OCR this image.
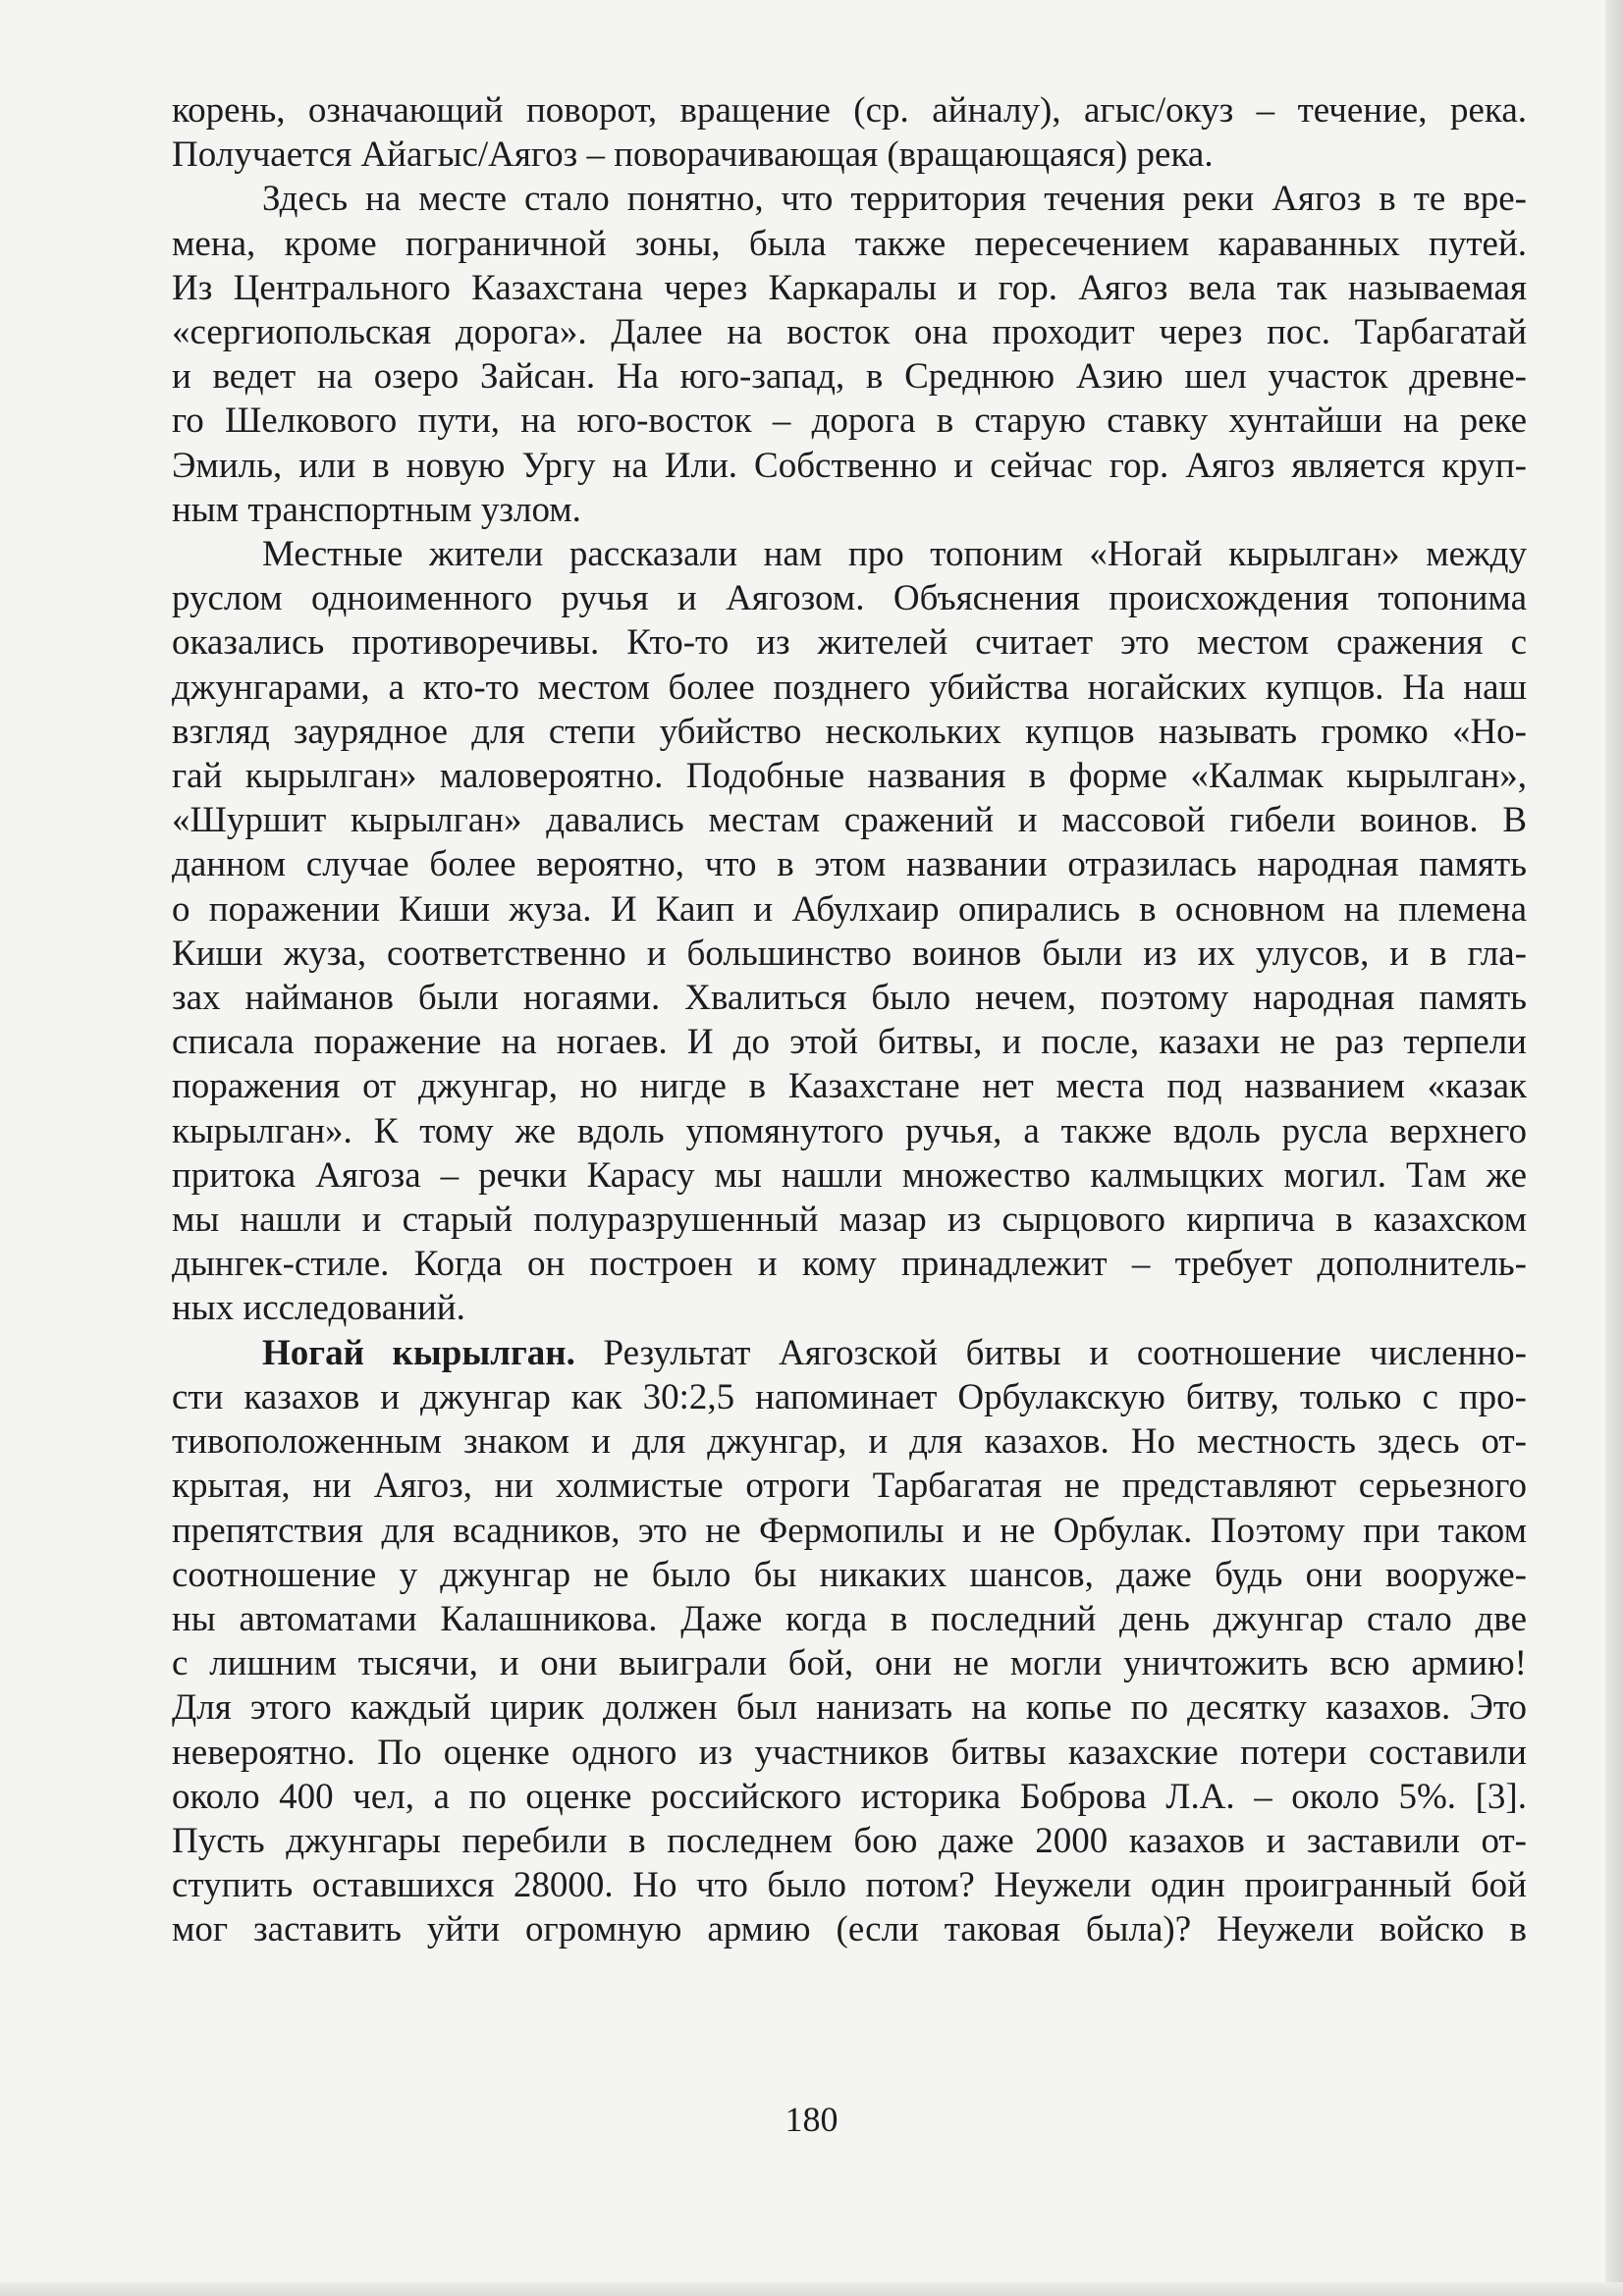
корень, означающий поворот, вращение (ср. айналу), агыс/окуз – течение, река.
Получается Айагыс/Аягоз – поворачивающая (вращающаяся) река.
Здесь на месте стало понятно, что территория течения реки Аягоз в те вре-
мена, кроме пограничной зоны, была также пересечением караванных путей.
Из Центрального Казахстана через Каркаралы и гор. Аягоз вела так называемая
«сергиопольская дорога». Далее на восток она проходит через пос. Тарбагатай
и ведет на озеро Зайсан. На юго-запад, в Среднюю Азию шел участок древне-
го Шелкового пути, на юго-восток – дорога в старую ставку хунтайши на реке
Эмиль, или в новую Ургу на Или. Собственно и сейчас гор. Аягоз является круп-
ным транспортным узлом.
Местные жители рассказали нам про топоним «Ногай кырылган» между
руслом одноименного ручья и Аягозом. Объяснения происхождения топонима
оказались противоречивы. Кто-то из жителей считает это местом сражения с
джунгарами, а кто-то местом более позднего убийства ногайских купцов. На наш
взгляд заурядное для степи убийство нескольких купцов называть громко «Но-
гай кырылган» маловероятно. Подобные названия в форме «Калмак кырылган»,
«Шуршит кырылган» давались местам сражений и массовой гибели воинов. В
данном случае более вероятно, что в этом названии отразилась народная память
о поражении Киши жуза. И Каип и Абулхаир опирались в основном на племена
Киши жуза, соответственно и большинство воинов были из их улусов, и в гла-
зах найманов были ногаями. Хвалиться было нечем, поэтому народная память
списала поражение на ногаев. И до этой битвы, и после, казахи не раз терпели
поражения от джунгар, но нигде в Казахстане нет места под названием «казак
кырылган». К тому же вдоль упомянутого ручья, а также вдоль русла верхнего
притока Аягоза – речки Карасу мы нашли множество калмыцких могил. Там же
мы нашли и старый полуразрушенный мазар из сырцового кирпича в казахском
дынгек-стиле. Когда он построен и кому принадлежит – требует дополнитель-
ных исследований.
Ногай кырылган. Результат Аягозской битвы и соотношение численно-
сти казахов и джунгар как 30:2,5 напоминает Орбулакскую битву, только с про-
тивоположенным знаком и для джунгар, и для казахов. Но местность здесь от-
крытая, ни Аягоз, ни холмистые отроги Тарбагатая не представляют серьезного
препятствия для всадников, это не Фермопилы и не Орбулак. Поэтому при таком
соотношение у джунгар не было бы никаких шансов, даже будь они вооруже-
ны автоматами Калашникова. Даже когда в последний день джунгар стало две
с лишним тысячи, и они выиграли бой, они не могли уничтожить всю армию!
Для этого каждый цирик должен был нанизать на копье по десятку казахов. Это
невероятно. По оценке одного из участников битвы казахские потери составили
около 400 чел, а по оценке российского историка Боброва Л.А. – около 5%. [3].
Пусть джунгары перебили в последнем бою даже 2000 казахов и заставили от-
ступить оставшихся 28000. Но что было потом? Неужели один проигранный бой
мог заставить уйти огромную армию (если таковая была)? Неужели войско в
180
